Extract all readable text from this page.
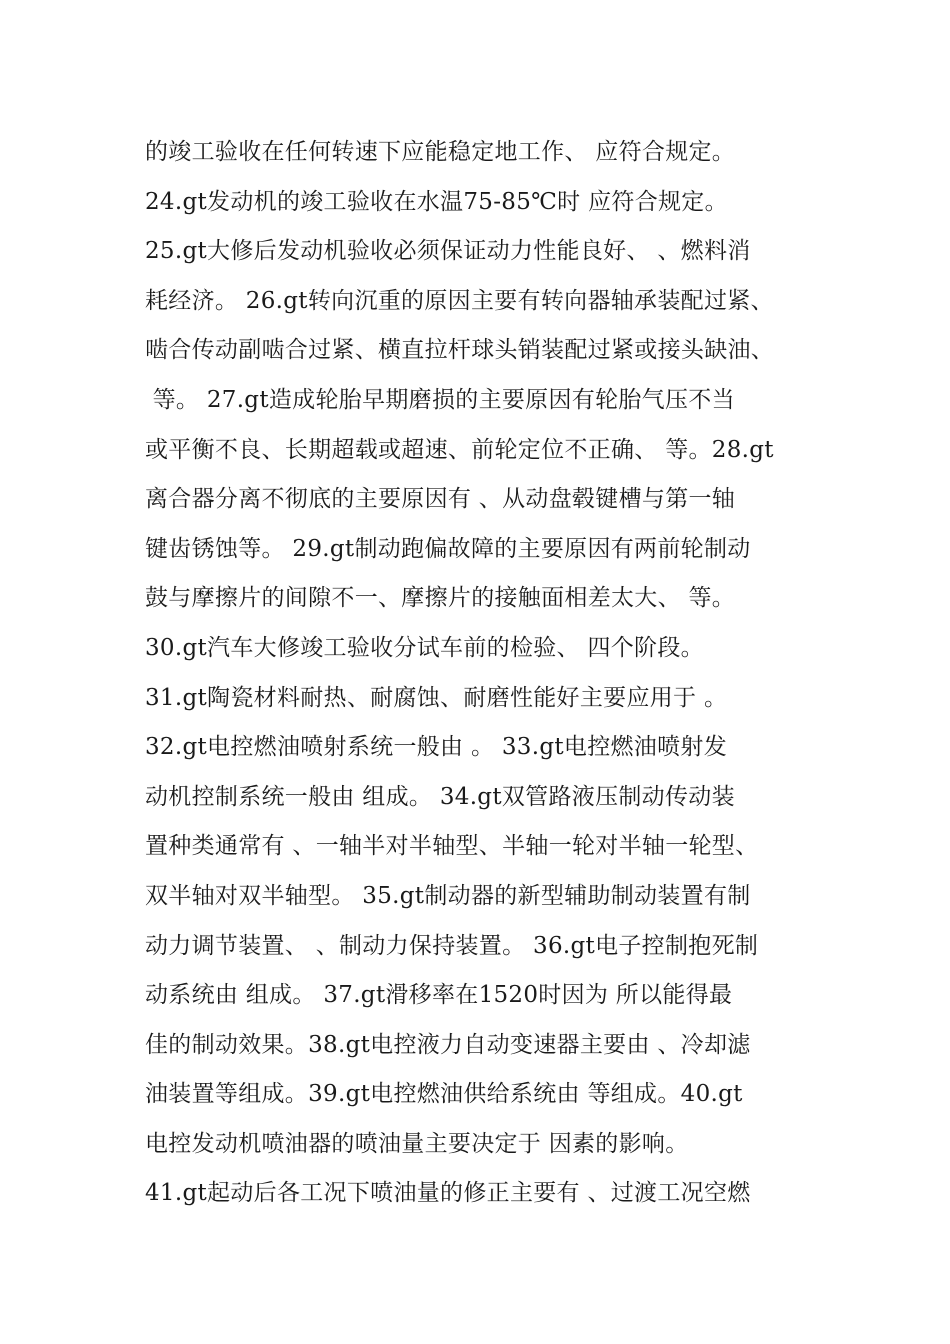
的竣工验收在任何转速下应能稳定地工作、 应符合规定。
24.gt发动机的竣工验收在水温75-85℃时 应符合规定。
25.gt大修后发动机验收必须保证动力性能良好、 、燃料消
耗经济。 26.gt转向沉重的原因主要有转向器轴承装配过紧、
啮合传动副啮合过紧、横直拉杆球头销装配过紧或接头缺油、
等。 27.gt造成轮胎早期磨损的主要原因有轮胎气压不当
或平衡不良、长期超载或超速、前轮定位不正确、 等。28.gt
离合器分离不彻底的主要原因有 、从动盘毂键槽与第一轴
键齿锈蚀等。 29.gt制动跑偏故障的主要原因有两前轮制动
鼓与摩擦片的间隙不一、摩擦片的接触面相差太大、 等。
30.gt汽车大修竣工验收分试车前的检验、 四个阶段。
31.gt陶瓷材料耐热、耐腐蚀、耐磨性能好主要应用于 。
32.gt电控燃油喷射系统一般由 。 33.gt电控燃油喷射发
动机控制系统一般由 组成。 34.gt双管路液压制动传动装
置种类通常有 、一轴半对半轴型、半轴一轮对半轴一轮型、
双半轴对双半轴型。 35.gt制动器的新型辅助制动装置有制
动力调节装置、 、制动力保持装置。 36.gt电子控制抱死制
动系统由 组成。 37.gt滑移率在1520时因为 所以能得最
佳的制动效果。38.gt电控液力自动变速器主要由 、冷却滤
油装置等组成。39.gt电控燃油供给系统由 等组成。40.gt
电控发动机喷油器的喷油量主要决定于 因素的影响。
41.gt起动后各工况下喷油量的修正主要有 、过渡工况空燃
